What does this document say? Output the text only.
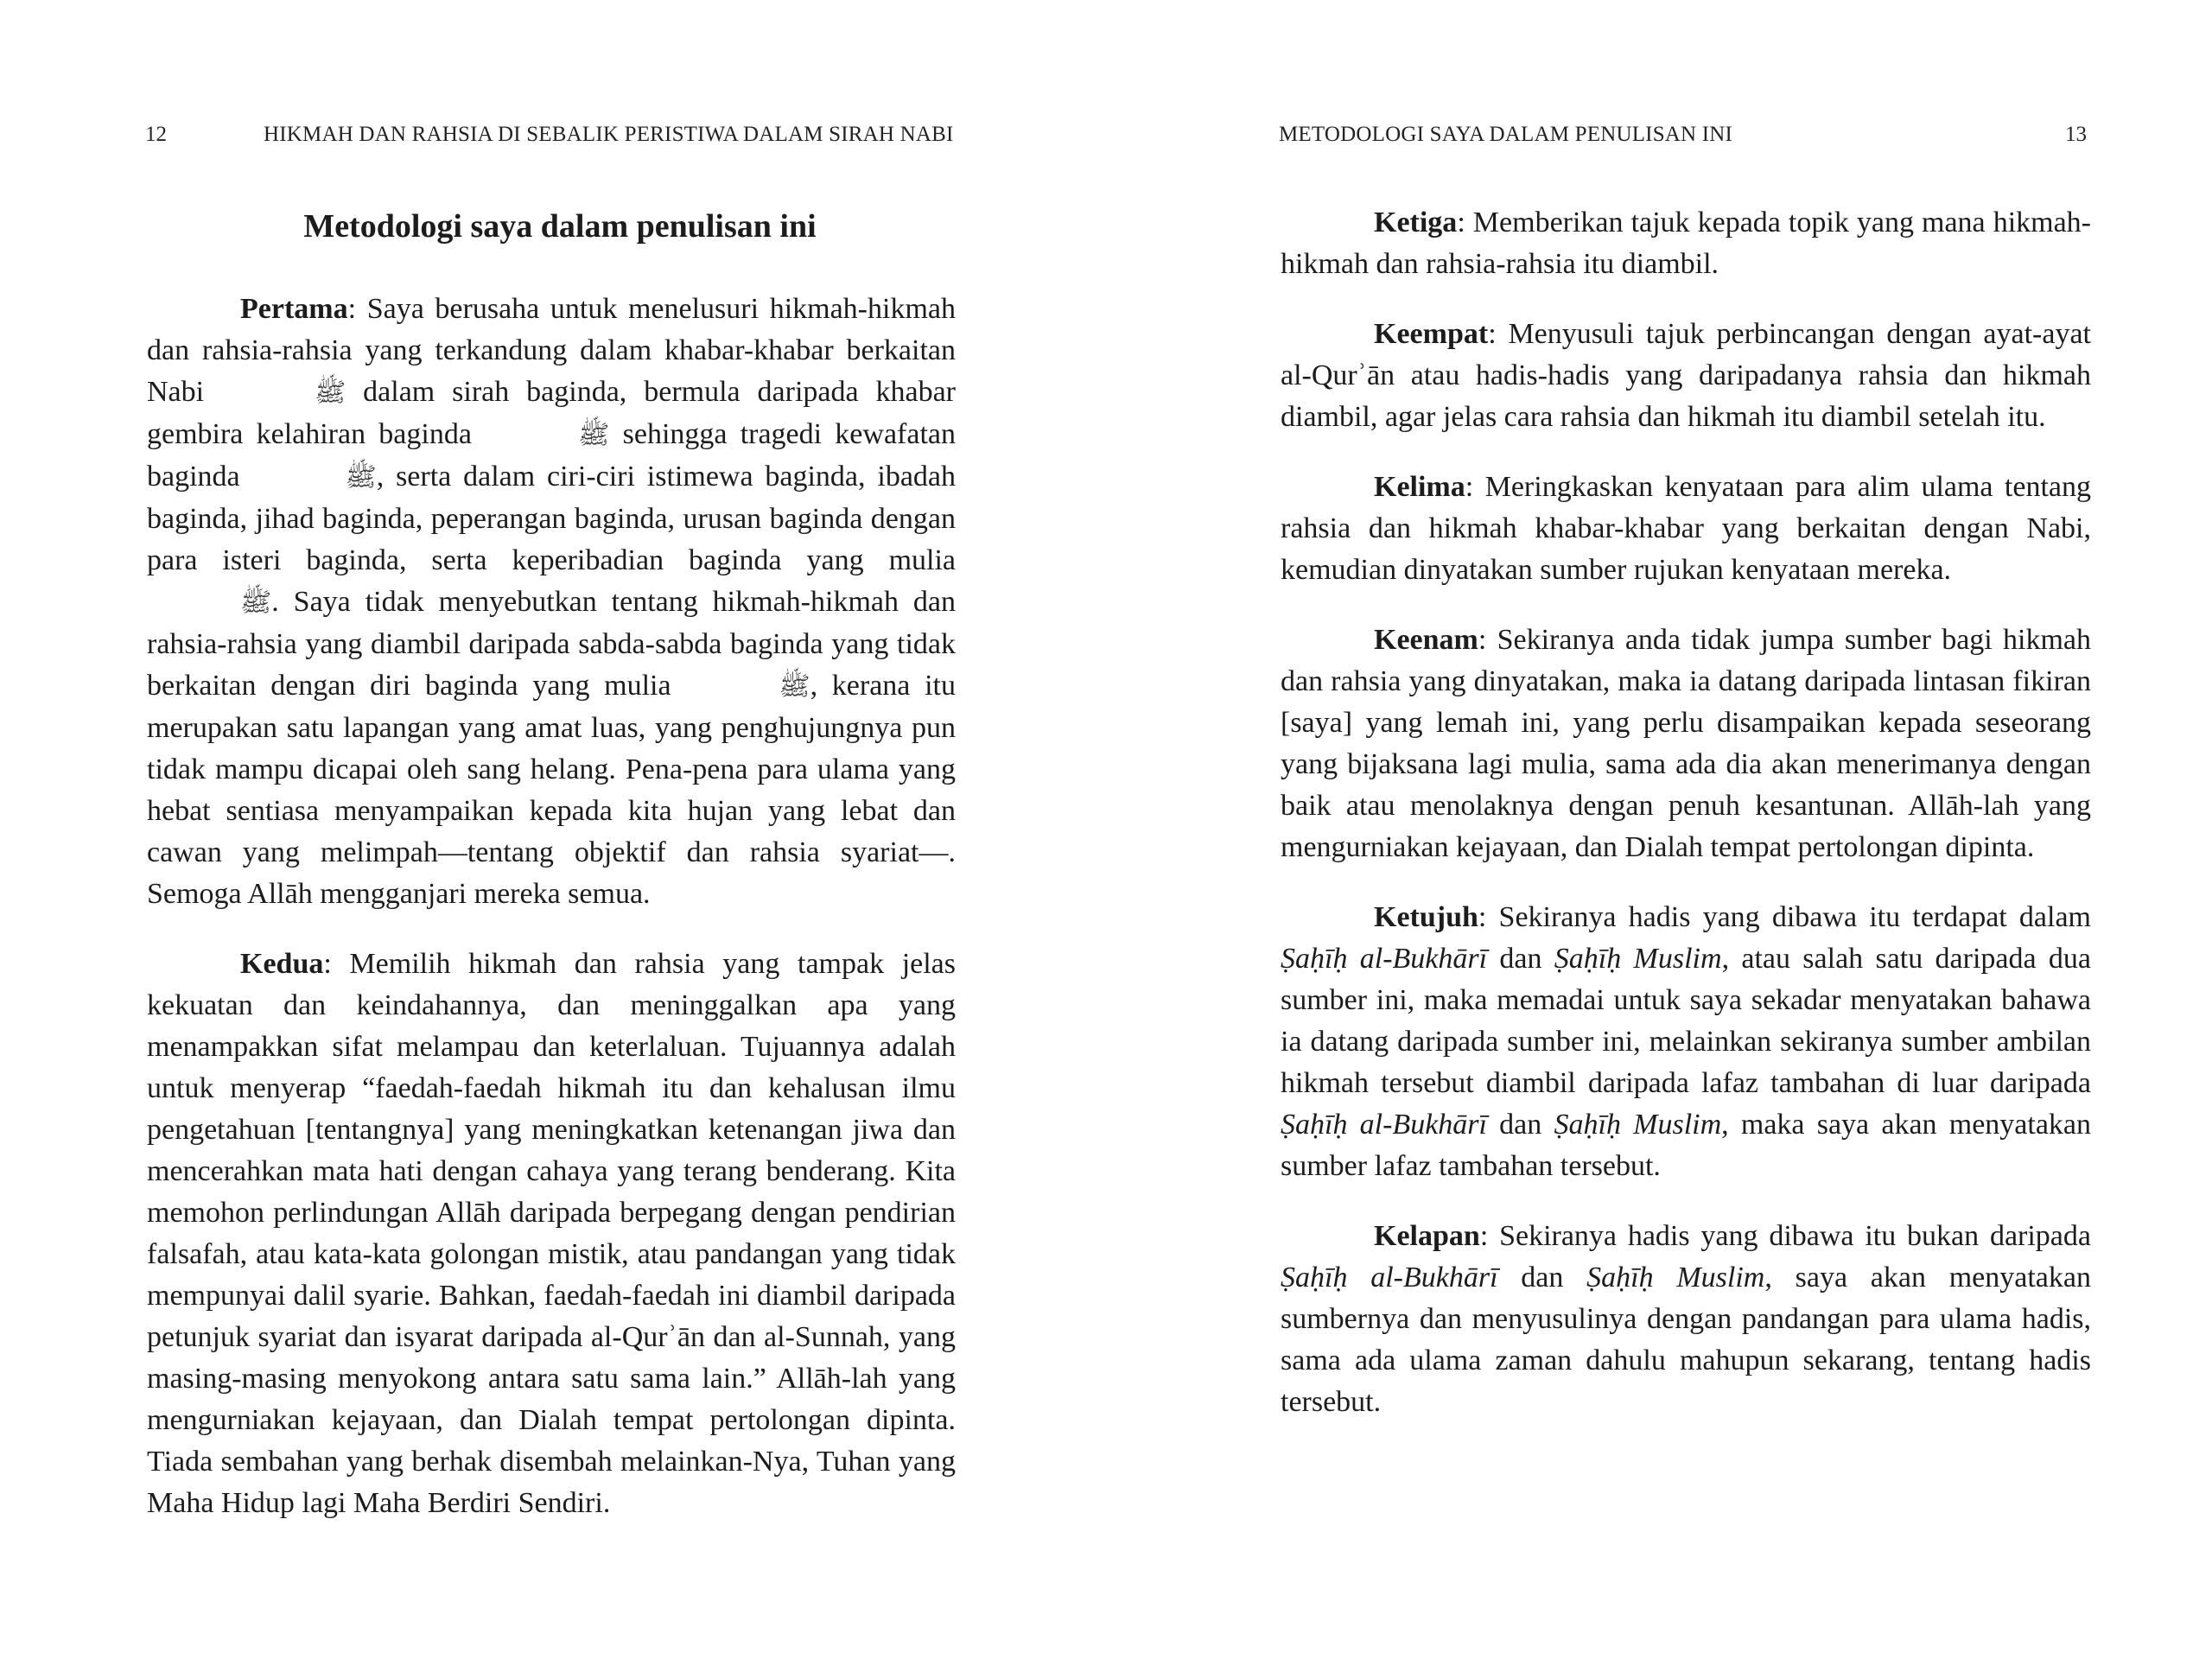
12	HIKMAH DAN RAHSIA DI SEBALIK PERISTIWA DALAM SIRAH NABI
Metodologi saya dalam penulisan ini

Pertama: Saya berusaha untuk menelusuri hikmah-hikmah dan rahsia-rahsia yang terkandung dalam khabar-khabar berkaitan Nabi	ﷺ dalam sirah baginda, bermula daripada khabar gembira kelahiran baginda	ﷺ sehingga tragedi kewafatan baginda	ﷺ, serta dalam ciri-ciri istimewa baginda, ibadah baginda, jihad baginda, peperangan baginda, urusan baginda dengan para isteri baginda, serta keperibadian baginda yang mulia ﷺ. Saya tidak menyebutkan tentang hikmah-hikmah dan rahsia-rahsia yang diambil daripada sabda-sabda baginda yang tidak berkaitan dengan diri baginda yang mulia	ﷺ, kerana itu merupakan satu lapangan yang amat luas, yang penghujungnya pun tidak mampu dicapai oleh sang helang. Pena-pena para ulama yang hebat sentiasa menyampaikan kepada kita hujan yang lebat dan cawan yang melimpah—tentang objektif dan rahsia syariat—. Semoga Allāh mengganjari mereka semua.

Kedua: Memilih hikmah dan rahsia yang tampak jelas kekuatan dan keindahannya, dan meninggalkan apa yang menampakkan sifat melampau dan keterlaluan. Tujuannya adalah untuk menyerap “faedah-faedah hikmah itu dan kehalusan ilmu pengetahuan [tentangnya] yang meningkatkan ketenangan jiwa dan mencerahkan mata hati dengan cahaya yang terang benderang. Kita memohon perlindungan Allāh daripada berpegang dengan pendirian falsafah, atau kata-kata golongan mistik, atau pandangan yang tidak mempunyai dalil syarie. Bahkan, faedah-faedah ini diambil daripada petunjuk syariat dan isyarat daripada al-Qurʾān dan al-Sunnah, yang masing-masing menyokong antara satu sama lain.” Allāh-lah yang mengurniakan kejayaan, dan Dialah tempat pertolongan dipinta. Tiada sembahan yang berhak disembah melainkan-Nya, Tuhan yang Maha Hidup lagi Maha Berdiri Sendiri.

METODOLOGI SAYA DALAM PENULISAN INI	13

Ketiga: Memberikan tajuk kepada topik yang mana hikmah-hikmah dan rahsia-rahsia itu diambil.

Keempat: Menyusuli tajuk perbincangan dengan ayat-ayat al-Qurʾān atau hadis-hadis yang daripadanya rahsia dan hikmah diambil, agar jelas cara rahsia dan hikmah itu diambil setelah itu.

Kelima: Meringkaskan kenyataan para alim ulama tentang rahsia dan hikmah khabar-khabar yang berkaitan dengan Nabi, kemudian dinyatakan sumber rujukan kenyataan mereka.

Keenam: Sekiranya anda tidak jumpa sumber bagi hikmah dan rahsia yang dinyatakan, maka ia datang daripada lintasan fikiran [saya] yang lemah ini, yang perlu disampaikan kepada seseorang yang bijaksana lagi mulia, sama ada dia akan menerimanya dengan baik atau menolaknya dengan penuh kesantunan. Allāh-lah yang mengurniakan kejayaan, dan Dialah tempat pertolongan dipinta.

Ketujuh: Sekiranya hadis yang dibawa itu terdapat dalam Ṣaḥīḥ al-Bukhārī dan Ṣaḥīḥ Muslim, atau salah satu daripada dua sumber ini, maka memadai untuk saya sekadar menyatakan bahawa ia datang daripada sumber ini, melainkan sekiranya sumber ambilan hikmah tersebut diambil daripada lafaz tambahan di luar daripada Ṣaḥīḥ al-Bukhārī dan Ṣaḥīḥ Muslim, maka saya akan menyatakan sumber lafaz tambahan tersebut.

Kelapan: Sekiranya hadis yang dibawa itu bukan daripada Ṣaḥīḥ al-Bukhārī dan Ṣaḥīḥ Muslim, saya akan menyatakan sumbernya dan menyusulinya dengan pandangan para ulama hadis, sama ada ulama zaman dahulu mahupun sekarang, tentang hadis tersebut.
